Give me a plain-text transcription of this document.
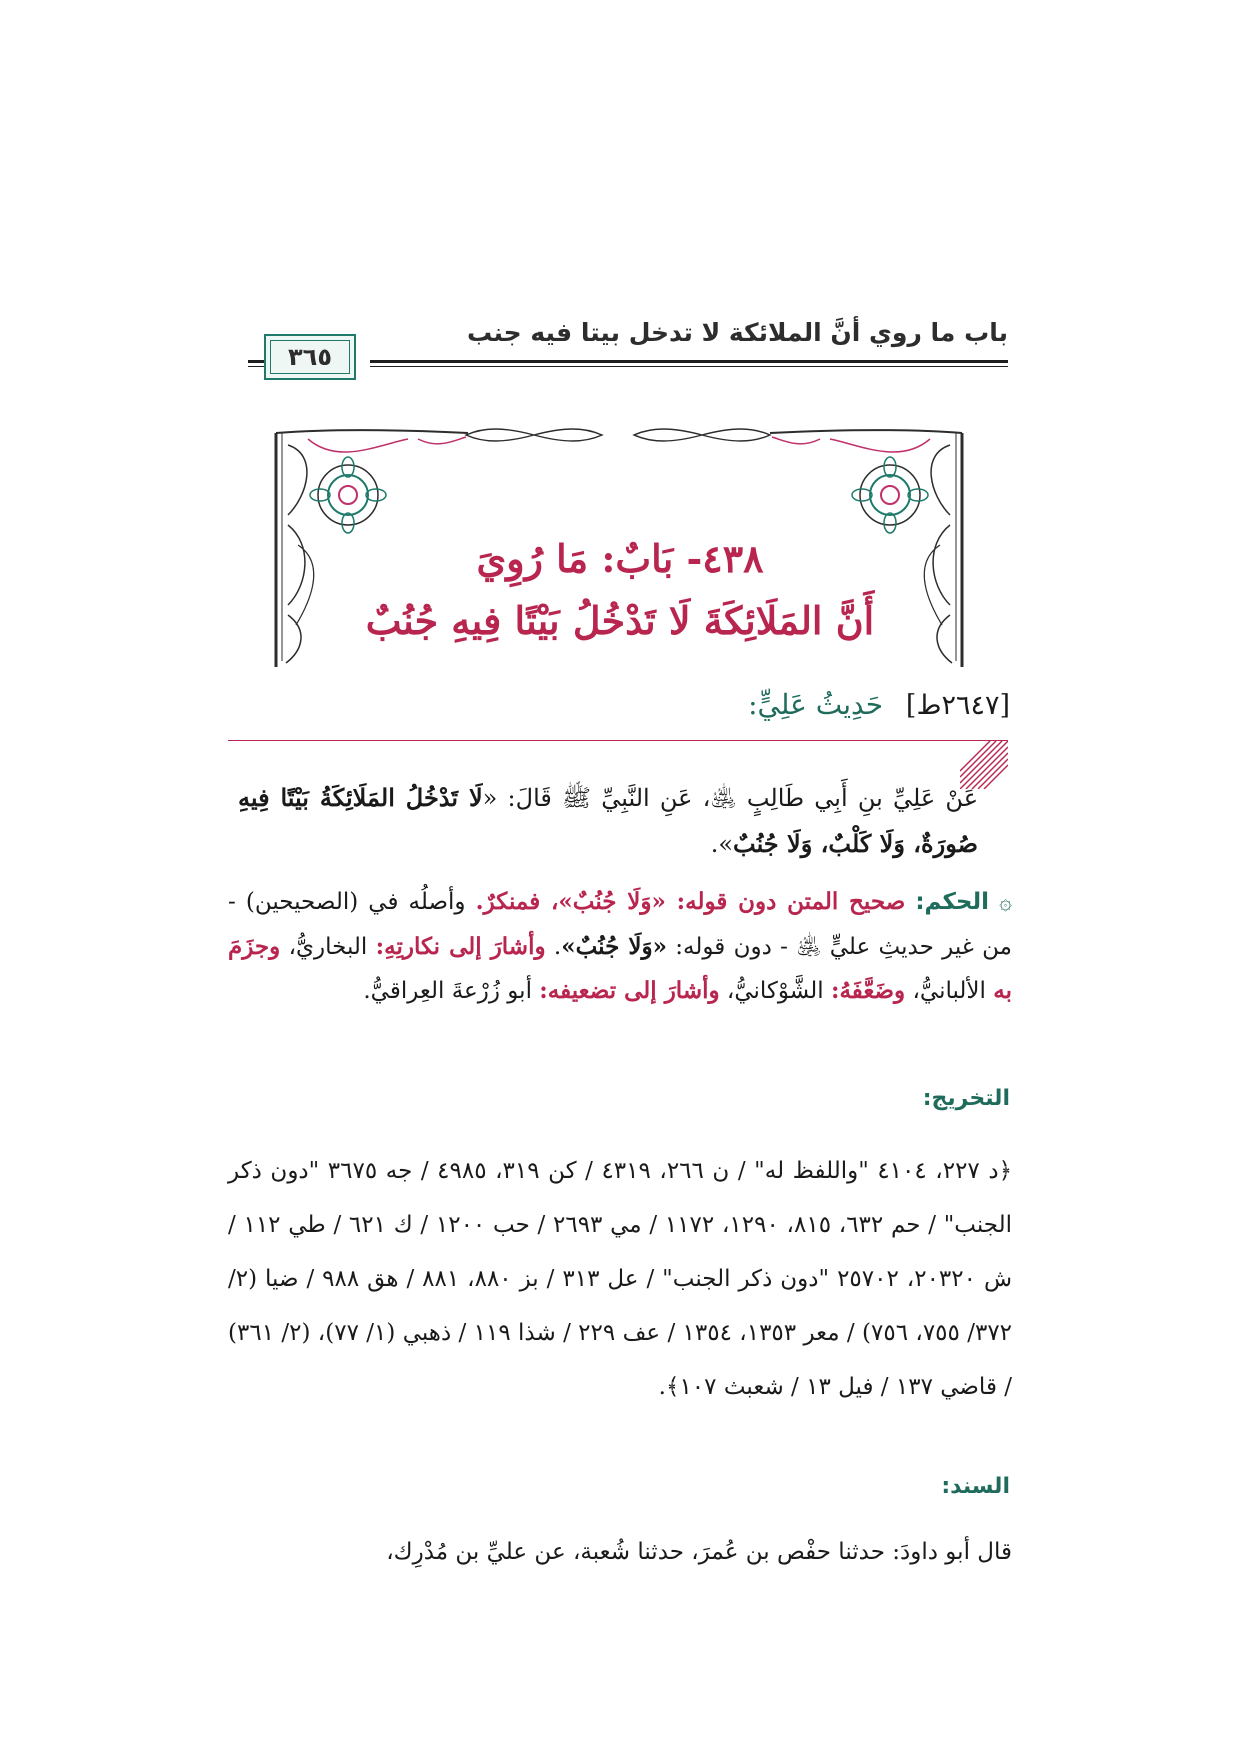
باب ما روي أنَّ الملائكة لا تدخل بيتا فيه جنب
٣٦٥
٤٣٨- بَابٌ: مَا رُوِيَ
أَنَّ المَلَائِكَةَ لَا تَدْخُلُ بَيْتًا فِيهِ جُنُبٌ
[٢٦٤٧ط] حَدِيثُ عَلِيٍّ:
عَنْ عَلِيِّ بنِ أَبِي طَالِبٍ ﵁، عَنِ النَّبِيِّ ﷺ قَالَ: «لَا تَدْخُلُ المَلَائِكَةُ بَيْتًا فِيهِ صُورَةٌ، وَلَا كَلْبٌ، وَلَا جُنُبٌ».
۞ الحكم: صحيح المتن دون قوله: «وَلَا جُنُبٌ»، فمنكرٌ. وأصلُه في (الصحيحين) - من غير حديثِ عليٍّ ﵁ - دون قوله: «وَلَا جُنُبٌ». وأشارَ إلى نكارتِهِ: البخاريُّ، وجزَمَ به الألبانيُّ، وضَعَّفَهُ: الشَّوْكانيُّ، وأشارَ إلى تضعيفه: أبو زُرْعةَ العِراقيُّ.
التخريج:
﴿د ٢٢٧، ٤١٠٤ "واللفظ له" / ن ٢٦٦، ٤٣١٩ / كن ٣١٩، ٤٩٨٥ / جه ٣٦٧٥ "دون ذكر الجنب" / حم ٦٣٢، ٨١٥، ١٢٩٠، ١١٧٢ / مي ٢٦٩٣ / حب ١٢٠٠ / ك ٦٢١ / طي ١١٢ / ش ٢٠٣٢٠، ٢٥٧٠٢ "دون ذكر الجنب" / عل ٣١٣ / بز ٨٨٠، ٨٨١ / هق ٩٨٨ / ضيا (٢/ ٣٧٢/ ٧٥٥، ٧٥٦) / معر ١٣٥٣، ١٣٥٤ / عف ٢٢٩ / شذا ١١٩ / ذهبي (١/ ٧٧)، (٢/ ٣٦١) / قاضي ١٣٧ / فيل ١٣ / شعبث ١٠٧﴾.
السند:
قال أبو داودَ: حدثنا حفْص بن عُمرَ، حدثنا شُعبة، عن عليِّ بن مُدْرِك،
